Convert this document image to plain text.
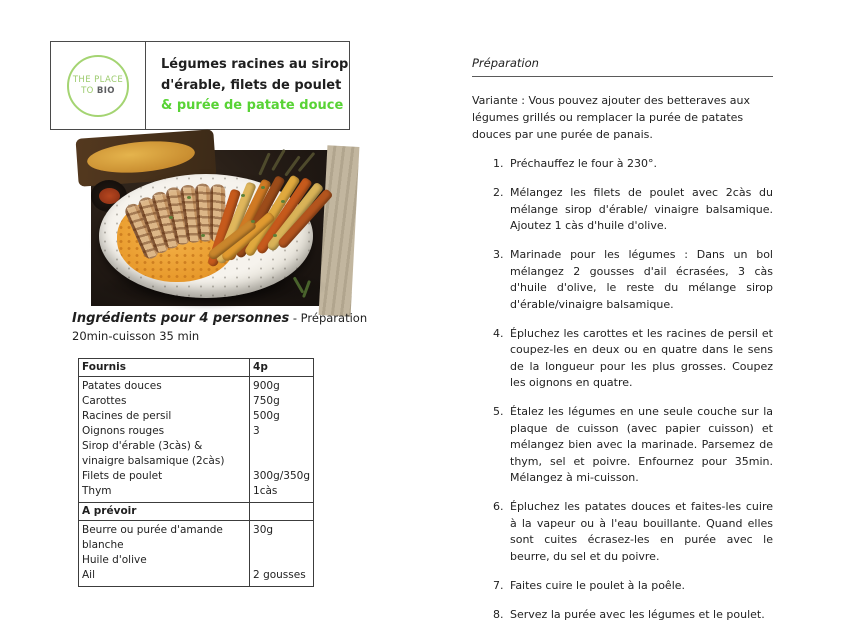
THE PLACE
TO BIO
Légumes racines au sirop
d'érable, filets de poulet
& purée de patate douce

Ingrédients pour 4 personnes - Préparation 20min-cuisson 35 min

Fournis	4p
Patates douces	900g
Carottes	750g
Racines de persil	500g
Oignons rouges	3
Sirop d'érable (3càs) & vinaigre balsamique (2càs)	
Filets de poulet	300g/350g
Thym	1càs
A prévoir	
Beurre ou purée d'amande blanche	30g
Huile d'olive	
Ail	2 gousses
Préparation

Variante : Vous pouvez ajouter des betteraves aux légumes grillés ou remplacer la purée de patates douces par une purée de panais.

Préchauffez le four à 230°.
Mélangez les filets de poulet avec 2càs du mélange sirop d'érable/ vinaigre balsamique. Ajoutez 1 càs d'huile d'olive.
Marinade pour les légumes : Dans un bol mélangez 2 gousses d'ail écrasées, 3 càs d'huile d'olive, le reste du mélange sirop d'érable/vinaigre balsamique.
Épluchez les carottes et les racines de persil et coupez-les en deux ou en quatre dans le sens de la longueur pour les plus grosses. Coupez les oignons en quatre.
Étalez les légumes en une seule couche sur la plaque de cuisson (avec papier cuisson) et mélangez bien avec la marinade. Parsemez de thym, sel et poivre. Enfournez pour 35min. Mélangez à mi-cuisson.
Épluchez les patates douces et faites-les cuire à la vapeur ou à l'eau bouillante. Quand elles sont cuites écrasez-les en purée avec le beurre, du sel et du poivre.
Faites cuire le poulet à la poêle.
Servez la purée avec les légumes et le poulet.
